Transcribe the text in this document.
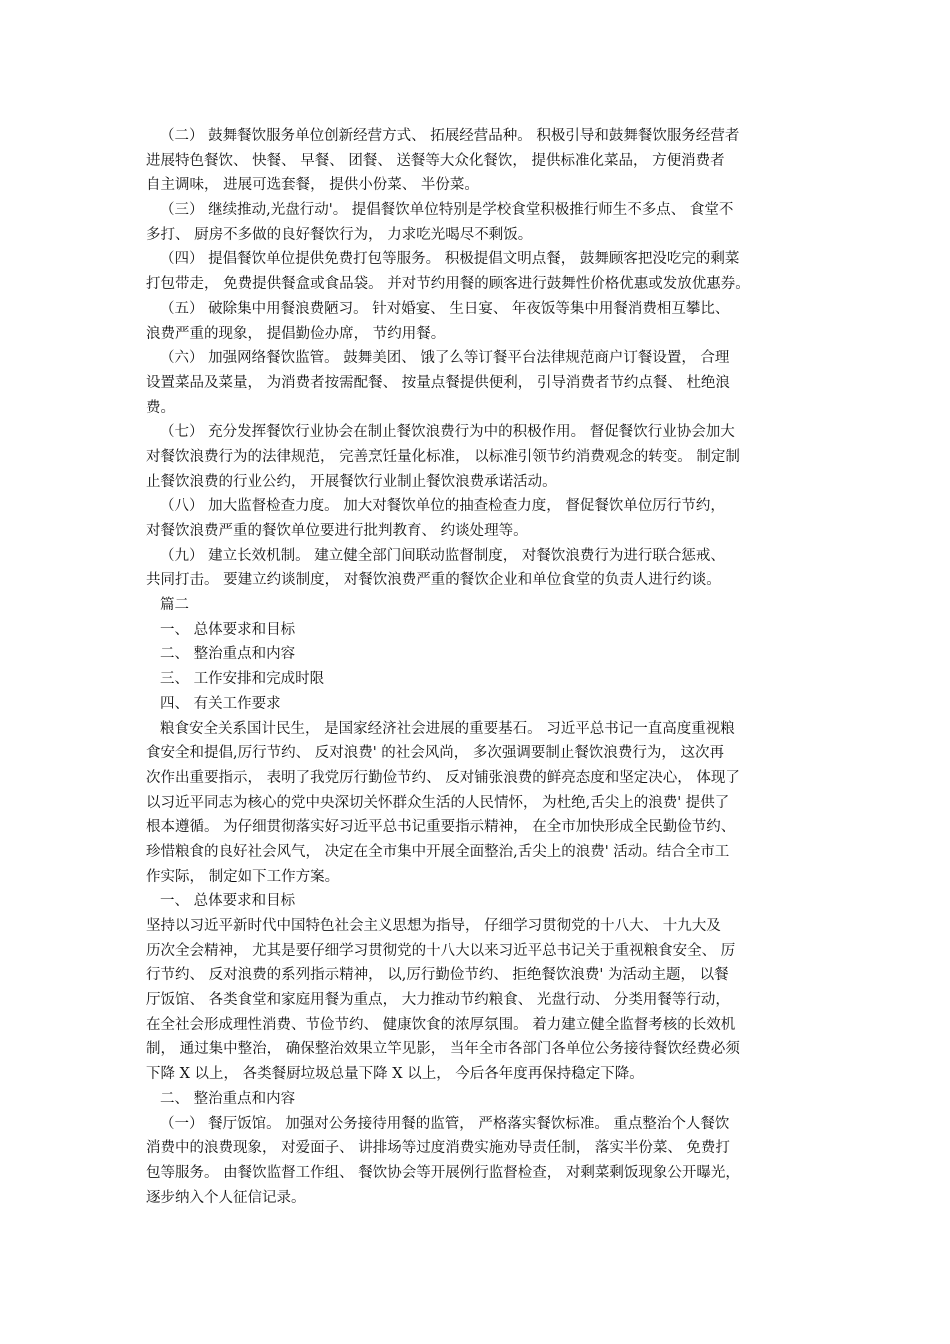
（二） 鼓舞餐饮服务单位创新经营方式、 拓展经营品种。 积极引导和鼓舞餐饮服务经营者
进展特色餐饮、 快餐、 早餐、 团餐、 送餐等大众化餐饮， 提供标准化菜品， 方便消费者
自主调味， 进展可选套餐， 提供小份菜、 半份菜。
（三） 继续推动,光盘行动'。 提倡餐饮单位特别是学校食堂积极推行师生不多点、 食堂不
多打、 厨房不多做的良好餐饮行为， 力求吃光喝尽不剩饭。
（四） 提倡餐饮单位提供免费打包等服务。 积极提倡文明点餐， 鼓舞顾客把没吃完的剩菜
打包带走， 免费提供餐盒或食品袋。 并对节约用餐的顾客进行鼓舞性价格优惠或发放优惠券。
（五） 破除集中用餐浪费陋习。 针对婚宴、 生日宴、 年夜饭等集中用餐消费相互攀比、
浪费严重的现象， 提倡勤俭办席， 节约用餐。
（六） 加强网络餐饮监管。 鼓舞美团、 饿了么等订餐平台法律规范商户订餐设置， 合理
设置菜品及菜量， 为消费者按需配餐、 按量点餐提供便利， 引导消费者节约点餐、 杜绝浪
费。
（七） 充分发挥餐饮行业协会在制止餐饮浪费行为中的积极作用。 督促餐饮行业协会加大
对餐饮浪费行为的法律规范， 完善烹饪量化标准， 以标准引领节约消费观念的转变。 制定制
止餐饮浪费的行业公约， 开展餐饮行业制止餐饮浪费承诺活动。
（八） 加大监督检查力度。 加大对餐饮单位的抽查检查力度， 督促餐饮单位厉行节约，
对餐饮浪费严重的餐饮单位要进行批判教育、 约谈处理等。
（九） 建立长效机制。 建立健全部门间联动监督制度， 对餐饮浪费行为进行联合惩戒、
共同打击。 要建立约谈制度， 对餐饮浪费严重的餐饮企业和单位食堂的负责人进行约谈。
篇二
一、 总体要求和目标
二、 整治重点和内容
三、 工作安排和完成时限
四、 有关工作要求
粮食安全关系国计民生， 是国家经济社会进展的重要基石。 习近平总书记一直高度重视粮
食安全和提倡,厉行节约、 反对浪费' 的社会风尚， 多次强调要制止餐饮浪费行为， 这次再
次作出重要指示， 表明了我党厉行勤俭节约、 反对铺张浪费的鲜亮态度和坚定决心， 体现了
以习近平同志为核心的党中央深切关怀群众生活的人民情怀， 为杜绝,舌尖上的浪费' 提供了
根本遵循。 为仔细贯彻落实好习近平总书记重要指示精神， 在全市加快形成全民勤俭节约、
珍惜粮食的良好社会风气， 决定在全市集中开展全面整治,舌尖上的浪费' 活动。结合全市工
作实际， 制定如下工作方案。
一、 总体要求和目标
坚持以习近平新时代中国特色社会主义思想为指导， 仔细学习贯彻党的十八大、 十九大及
历次全会精神， 尤其是要仔细学习贯彻党的十八大以来习近平总书记关于重视粮食安全、 厉
行节约、 反对浪费的系列指示精神， 以,厉行勤俭节约、 拒绝餐饮浪费' 为活动主题， 以餐
厅饭馆、 各类食堂和家庭用餐为重点， 大力推动节约粮食、 光盘行动、 分类用餐等行动，
在全社会形成理性消费、节俭节约、 健康饮食的浓厚氛围。 着力建立健全监督考核的长效机
制， 通过集中整治， 确保整治效果立竿见影， 当年全市各部门各单位公务接待餐饮经费必须
下降 X 以上， 各类餐厨垃圾总量下降 X 以上， 今后各年度再保持稳定下降。
二、 整治重点和内容
（一） 餐厅饭馆。 加强对公务接待用餐的监管， 严格落实餐饮标准。 重点整治个人餐饮
消费中的浪费现象， 对爱面子、 讲排场等过度消费实施劝导责任制， 落实半份菜、 免费打
包等服务。 由餐饮监督工作组、 餐饮协会等开展例行监督检查， 对剩菜剩饭现象公开曝光，
逐步纳入个人征信记录。
